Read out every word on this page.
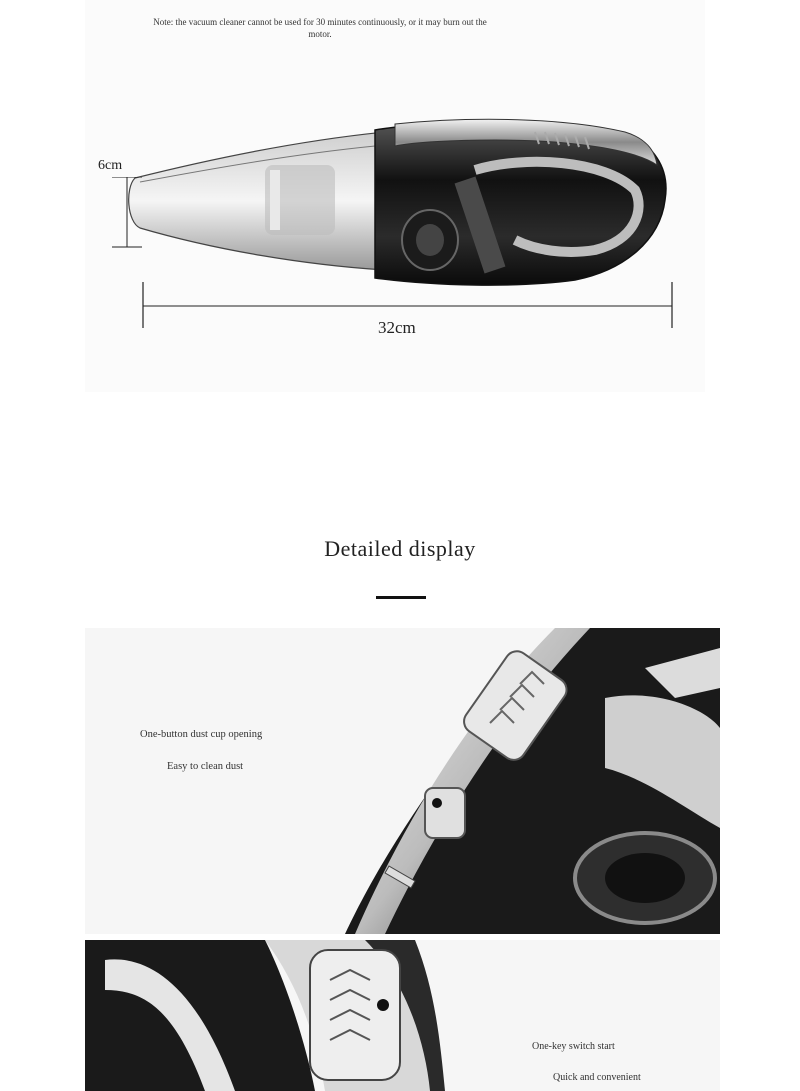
Note: the vacuum cleaner cannot be used for 30 minutes continuously, or it may burn out the
motor.
6cm
32cm
Detailed display
One-button dust cup opening
Easy to clean dust
One-key switch start
Quick and convenient
